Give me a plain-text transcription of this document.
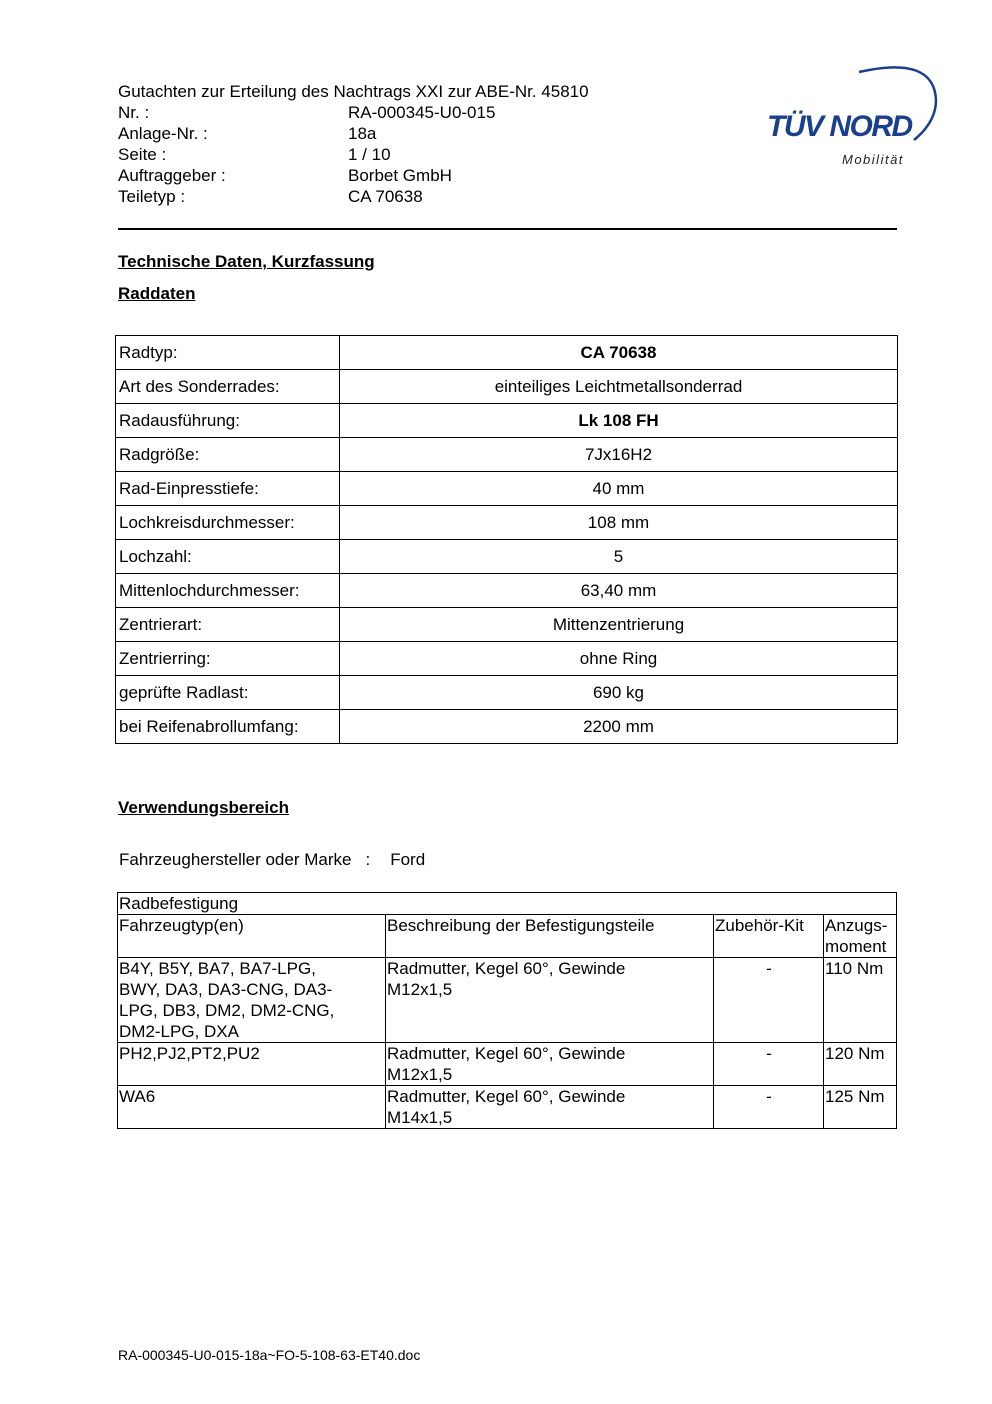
Gutachten zur Erteilung des Nachtrags XXI zur ABE-Nr. 45810
Nr. :	RA-000345-U0-015
Anlage-Nr. :	18a
Seite :	1 / 10
Auftraggeber :	Borbet GmbH
Teiletyp :	CA 70638
TÜV NORD
Mobilität
Technische Daten, Kurzfassung
Raddaten
Radtyp:	CA 70638
Art des Sonderrades:	einteiliges Leichtmetallsonderrad
Radausführung:	Lk 108 FH
Radgröße:	7Jx16H2
Rad-Einpresstiefe:	40 mm
Lochkreisdurchmesser:	108 mm
Lochzahl:	5
Mittenlochdurchmesser:	63,40 mm
Zentrierart:	Mittenzentrierung
Zentrierring:	ohne Ring
geprüfte Radlast:	690 kg
bei Reifenabrollumfang:	2200 mm
Verwendungsbereich
Fahrzeughersteller oder Marke : Ford
Radbefestigung			
Fahrzeugtyp(en)	Beschreibung der Befestigungsteile	Zubehör-Kit	Anzugs-
moment
B4Y, B5Y, BA7, BA7-LPG,
BWY, DA3, DA3-CNG, DA3-
LPG, DB3, DM2, DM2-CNG,
DM2-LPG, DXA	Radmutter, Kegel 60°, Gewinde
M12x1,5	-	110 Nm
PH2,PJ2,PT2,PU2	Radmutter, Kegel 60°, Gewinde
M12x1,5	-	120 Nm
WA6	Radmutter, Kegel 60°, Gewinde
M14x1,5	-	125 Nm
RA-000345-U0-015-18a~FO-5-108-63-ET40.doc
